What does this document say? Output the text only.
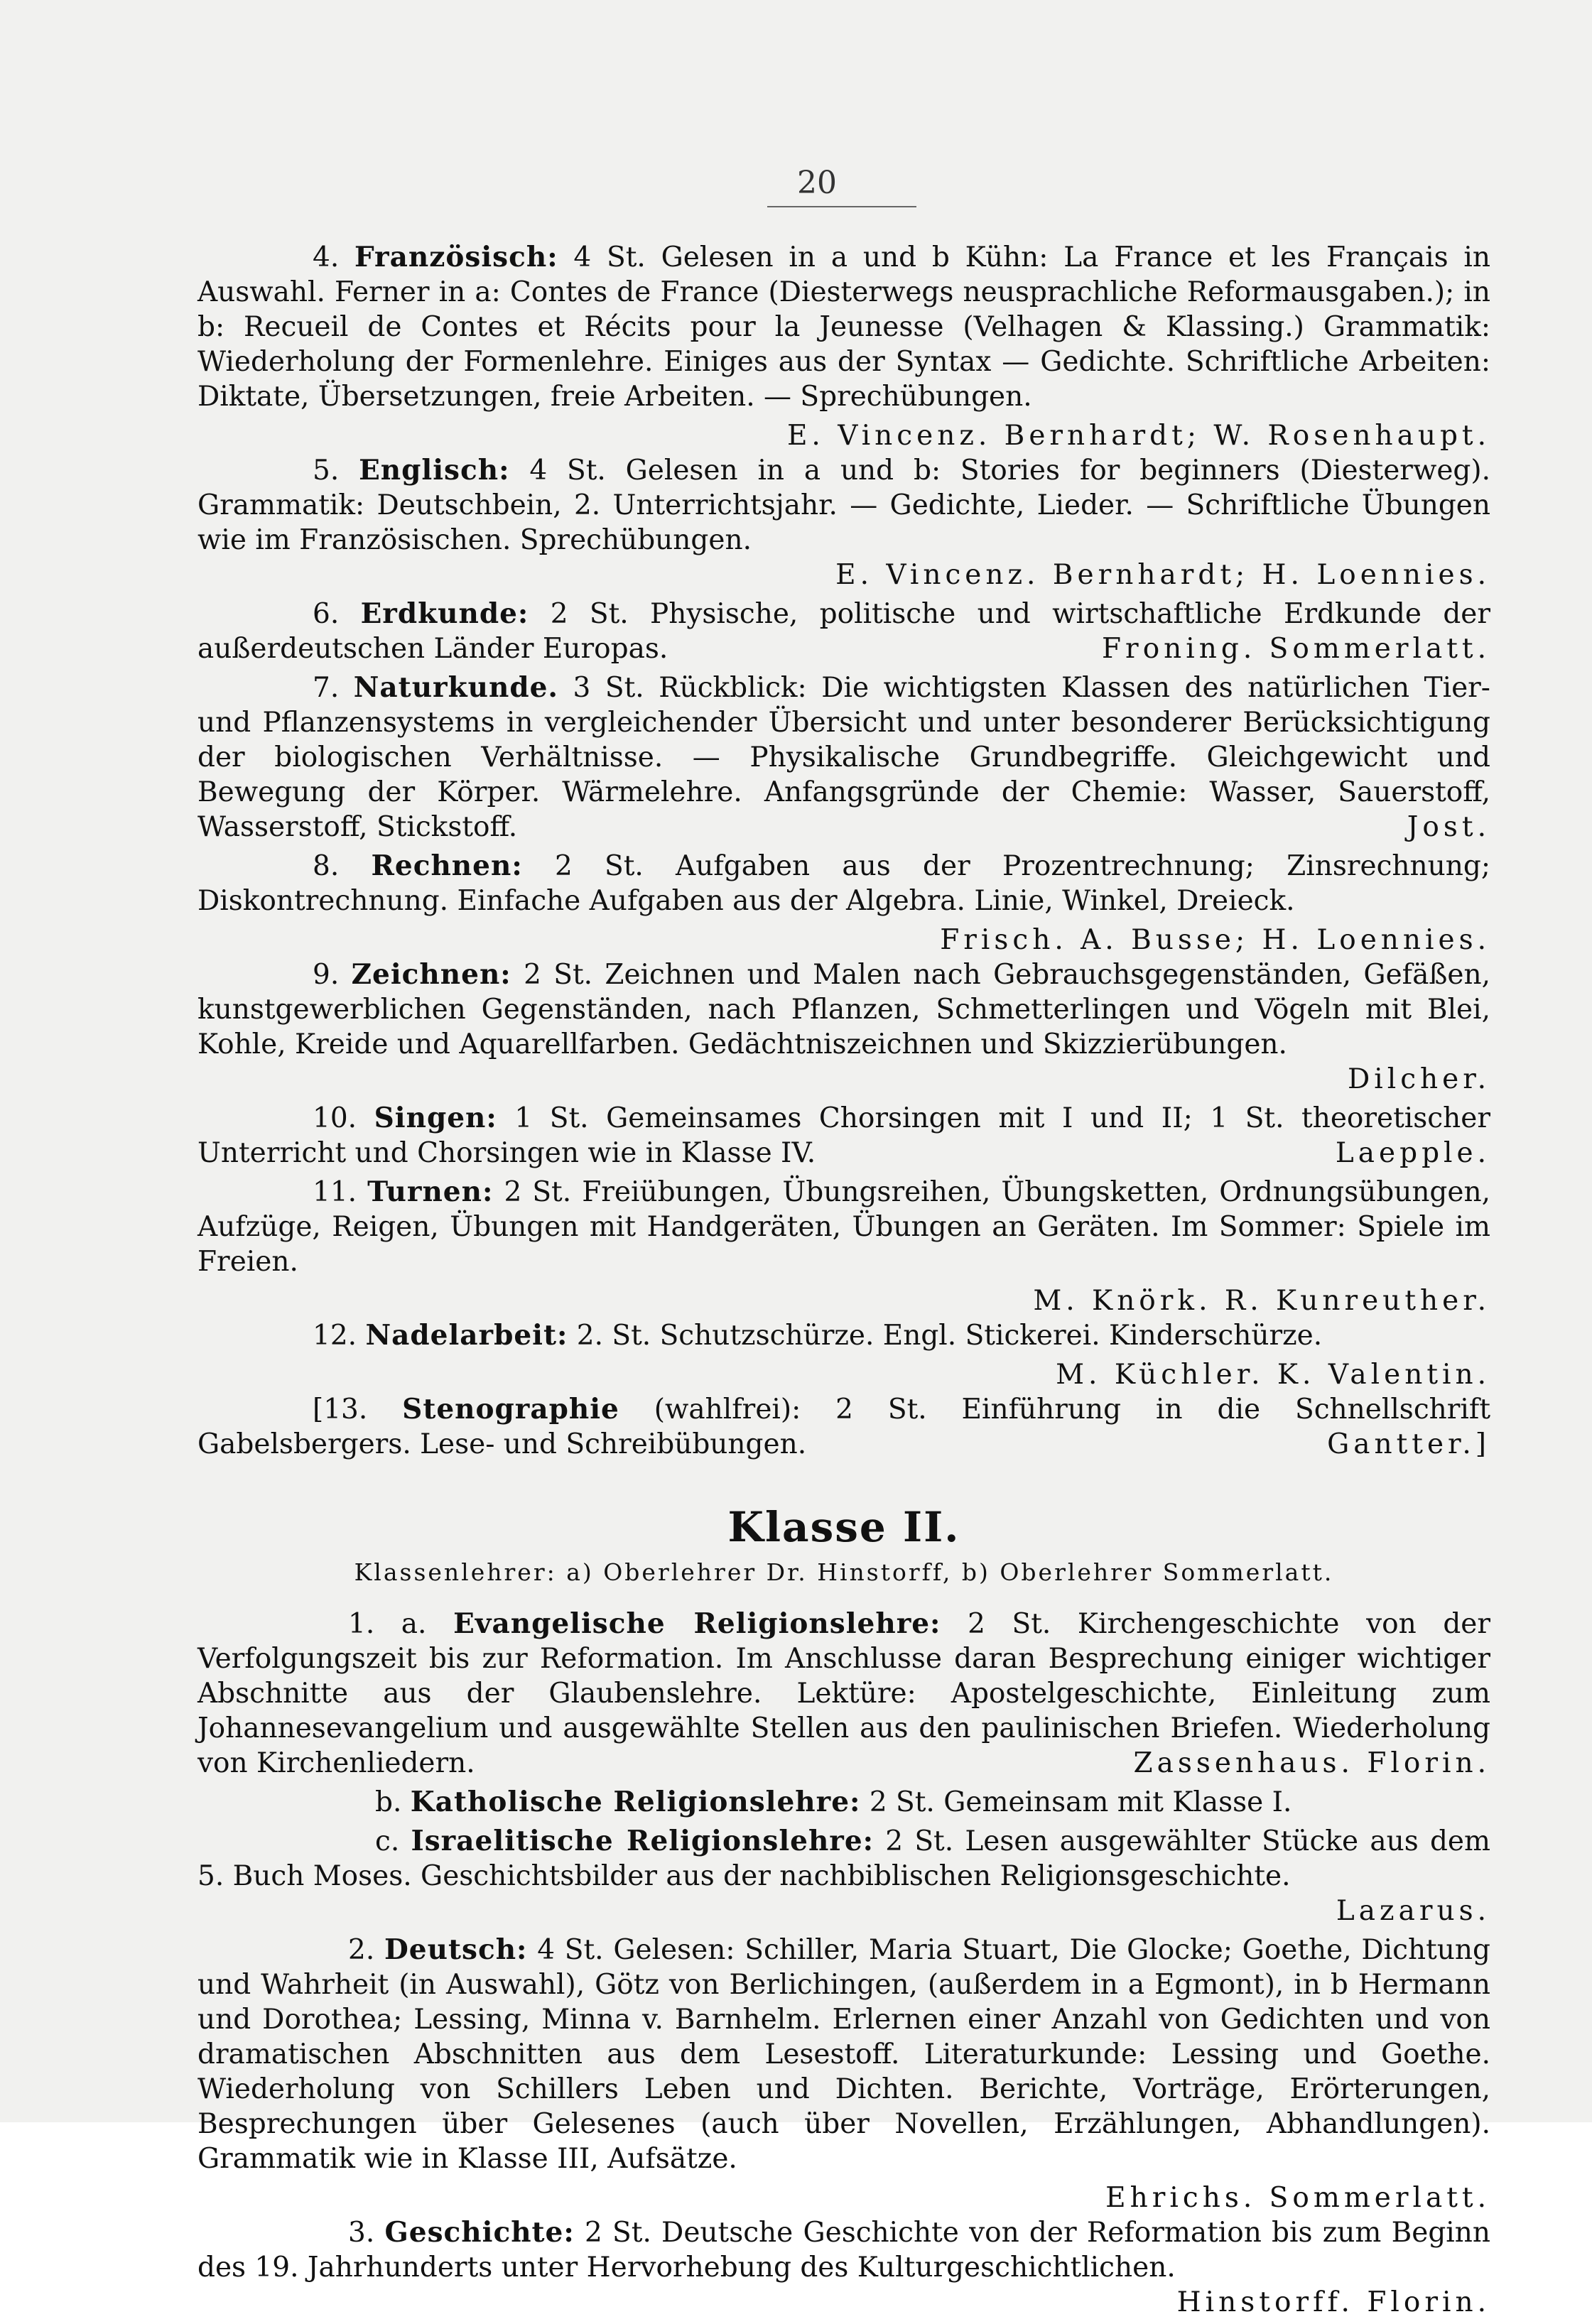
20
4. Französisch: 4 St. Gelesen in a und b Kühn: La France et les Français in Auswahl. Ferner in a: Contes de France (Diesterwegs neusprachliche Reformausgaben.); in b: Recueil de Contes et Récits pour la Jeunesse (Velhagen & Klassing.) Grammatik: Wiederholung der Formenlehre. Einiges aus der Syntax — Gedichte. Schriftliche Arbeiten: Diktate, Übersetzungen, freie Arbeiten. — Sprechübungen.
E. Vincenz. Bernhardt; W. Rosenhaupt.
5. Englisch: 4 St. Gelesen in a und b: Stories for beginners (Diesterweg). Grammatik: Deutschbein, 2. Unterrichtsjahr. — Gedichte, Lieder. — Schriftliche Übungen wie im Französischen. Sprechübungen.
E. Vincenz. Bernhardt; H. Loennies.
6. Erdkunde: 2 St. Physische, politische und wirtschaftliche Erdkunde der außerdeutschen Länder Europas.	Froning. Sommerlatt.
7. Naturkunde. 3 St. Rückblick: Die wichtigsten Klassen des natürlichen Tier- und Pflanzensystems in vergleichender Übersicht und unter besonderer Berücksichtigung der biologischen Verhältnisse. — Physikalische Grundbegriffe. Gleichgewicht und Bewegung der Körper. Wärmelehre. Anfangsgründe der Chemie: Wasser, Sauerstoff, Wasserstoff, Stickstoff.	Jost.
8. Rechnen: 2 St. Aufgaben aus der Prozentrechnung; Zinsrechnung; Diskontrechnung. Einfache Aufgaben aus der Algebra. Linie, Winkel, Dreieck.
Frisch. A. Busse; H. Loennies.
9. Zeichnen: 2 St. Zeichnen und Malen nach Gebrauchsgegenständen, Gefäßen, kunstgewerblichen Gegenständen, nach Pflanzen, Schmetterlingen und Vögeln mit Blei, Kohle, Kreide und Aquarellfarben. Gedächtniszeichnen und Skizzierübungen.
Dilcher.
10. Singen: 1 St. Gemeinsames Chorsingen mit I und II; 1 St. theoretischer Unterricht und Chorsingen wie in Klasse IV.	Laepple.
11. Turnen: 2 St. Freiübungen, Übungsreihen, Übungsketten, Ordnungsübungen, Aufzüge, Reigen, Übungen mit Handgeräten, Übungen an Geräten. Im Sommer: Spiele im Freien.
M. Knörk. R. Kunreuther.
12. Nadelarbeit: 2. St. Schutzschürze. Engl. Stickerei. Kinderschürze.
M. Küchler. K. Valentin.
[13. Stenographie (wahlfrei): 2 St. Einführung in die Schnellschrift Gabelsbergers. Lese- und Schreibübungen.	Gantter.]
Klasse II.
Klassenlehrer: a) Oberlehrer Dr. Hinstorff, b) Oberlehrer Sommerlatt.
1. a. Evangelische Religionslehre: 2 St. Kirchengeschichte von der Verfolgungszeit bis zur Reformation. Im Anschlusse daran Besprechung einiger wichtiger Abschnitte aus der Glaubenslehre. Lektüre: Apostelgeschichte, Einleitung zum Johannesevangelium und ausgewählte Stellen aus den paulinischen Briefen. Wiederholung von Kirchenliedern.	Zassenhaus. Florin.
b. Katholische Religionslehre: 2 St. Gemeinsam mit Klasse I.
c. Israelitische Religionslehre: 2 St. Lesen ausgewählter Stücke aus dem 5. Buch Moses. Geschichtsbilder aus der nachbiblischen Religionsgeschichte.
Lazarus.
2. Deutsch: 4 St. Gelesen: Schiller, Maria Stuart, Die Glocke; Goethe, Dichtung und Wahrheit (in Auswahl), Götz von Berlichingen, (außerdem in a Egmont), in b Hermann und Dorothea; Lessing, Minna v. Barnhelm. Erlernen einer Anzahl von Gedichten und von dramatischen Abschnitten aus dem Lesestoff. Literaturkunde: Lessing und Goethe. Wiederholung von Schillers Leben und Dichten. Berichte, Vorträge, Erörterungen, Besprechungen über Gelesenes (auch über Novellen, Erzählungen, Abhandlungen). Grammatik wie in Klasse III, Aufsätze.
Ehrichs. Sommerlatt.
3. Geschichte: 2 St. Deutsche Geschichte von der Reformation bis zum Beginn des 19. Jahrhunderts unter Hervorhebung des Kulturgeschichtlichen.
Hinstorff. Florin.
